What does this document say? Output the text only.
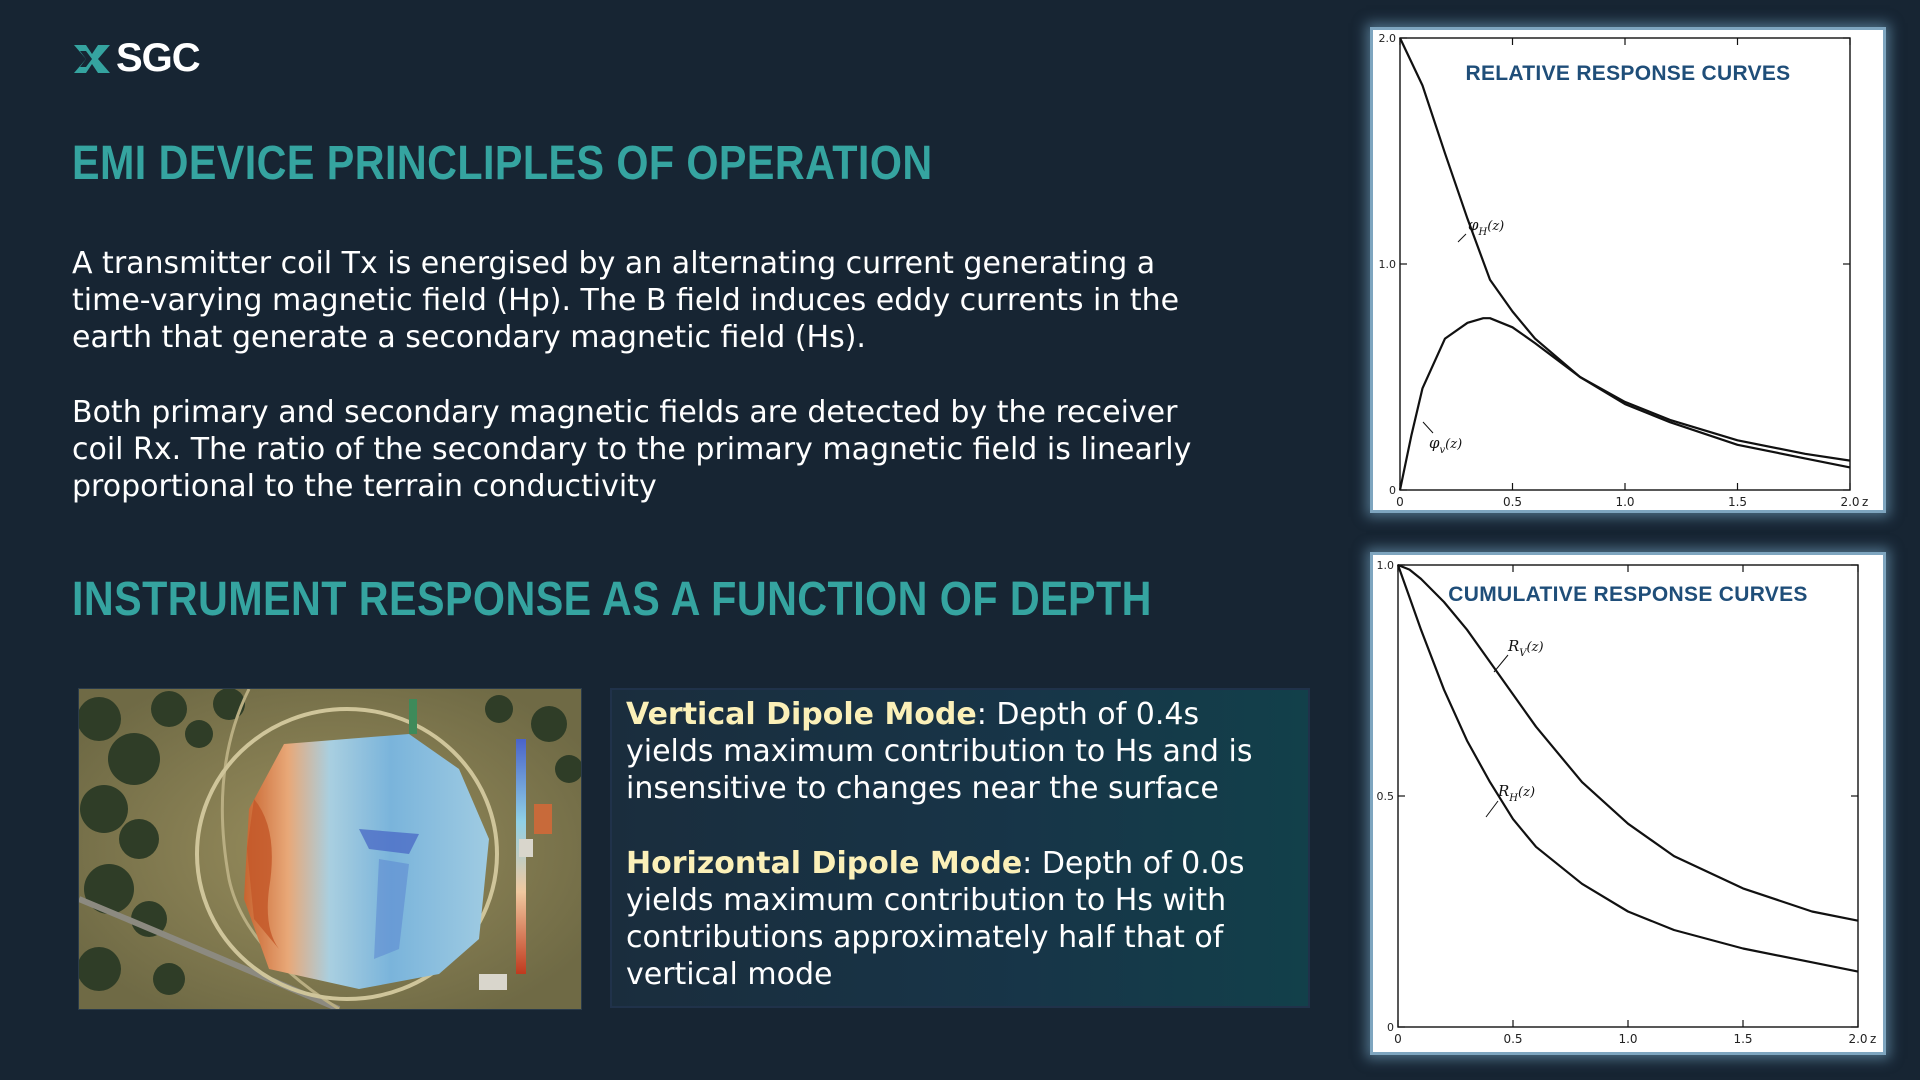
SGC
EMI DEVICE PRINCLIPLES OF OPERATION

A transmitter coil Tx is energised by an alternating current generating a time-varying magnetic field (Hp). The B field induces eddy currents in the earth that generate a secondary magnetic field (Hs).

Both primary and secondary magnetic fields are detected by the receiver coil Rx. The ratio of the secondary to the primary magnetic field is linearly proportional to the terrain conductivity

INSTRUMENT RESPONSE AS A FUNCTION OF DEPTH

Vertical Dipole Mode: Depth of 0.4s yields maximum contribution to Hs and is insensitive to changes near the surface

Horizontal Dipole Mode: Depth of 0.0s yields maximum contribution to Hs with contributions approximately half that of vertical mode

RELATIVE RESPONSE CURVES
0	0.5	1.0	1.5	2.0 z
0
1.0
2.0
$\varphi_H(z)$
$\varphi_v(z)$
CUMULATIVE RESPONSE CURVES
0	0.5	1.0	1.5	2.0 z
0
0.5
1.0
$R_V(z)$
$R_H(z)$
